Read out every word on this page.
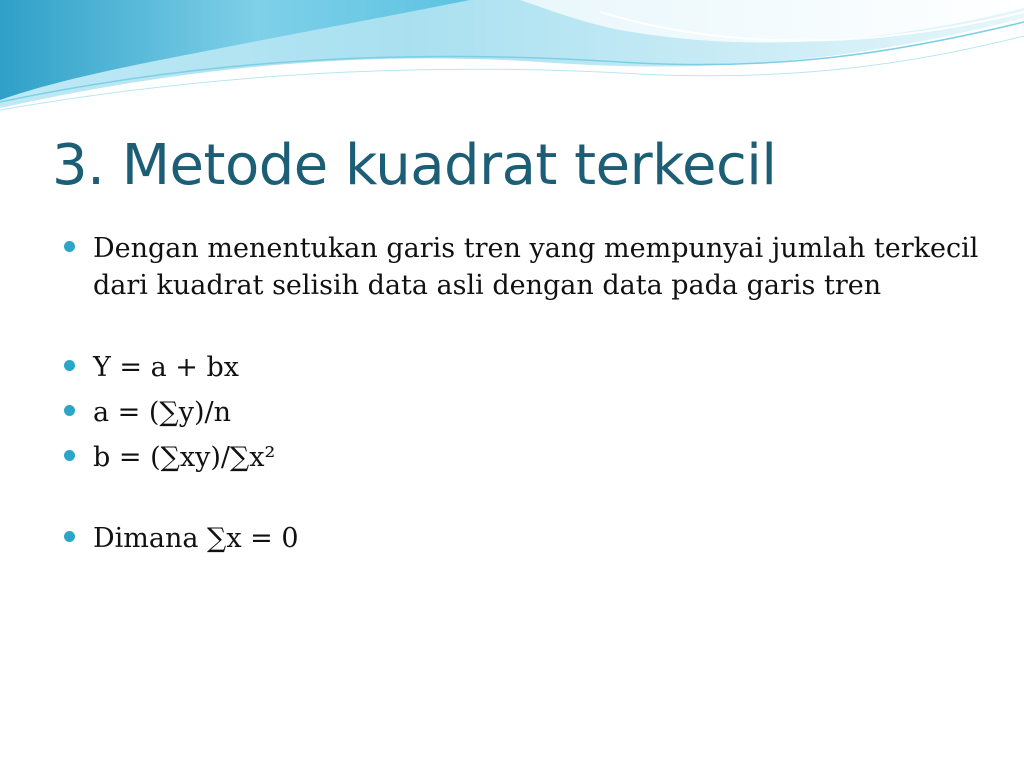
3. Metode kuadrat terkecil
Dengan menentukan garis tren yang mempunyai jumlah terkecil dari kuadrat selisih data asli dengan data pada garis tren
Y = a + bx
a = (∑y)/n
b = (∑xy)/∑x²
Dimana ∑x = 0
